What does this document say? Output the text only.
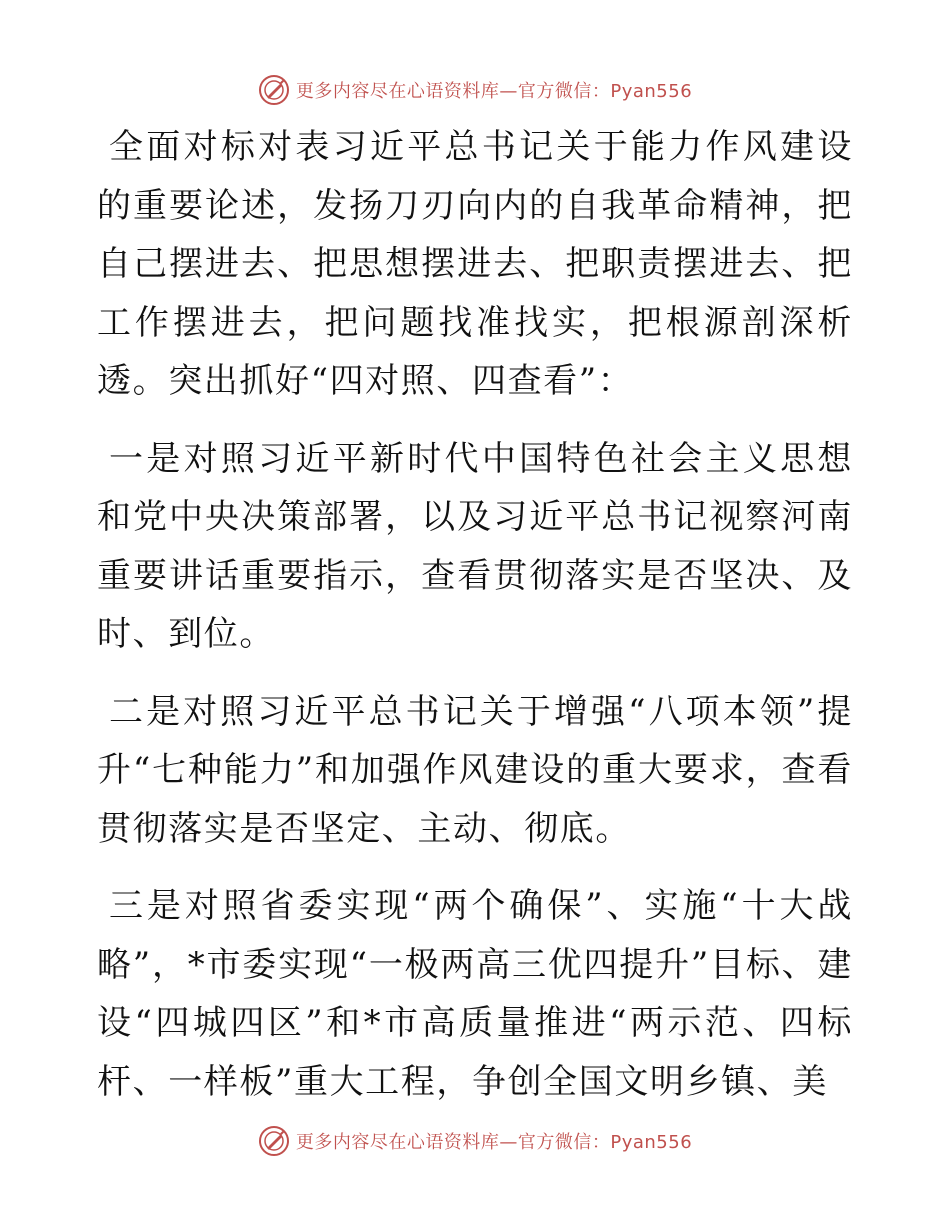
更多内容尽在心语资料库—官方微信：Pyan556

全面对标对表习近平总书记关于能力作风建设的重要论述，发扬刀刃向内的自我革命精神，把自己摆进去、把思想摆进去、把职责摆进去、把工作摆进去，把问题找准找实，把根源剖深析透。突出抓好“四对照、四查看”：

一是对照习近平新时代中国特色社会主义思想和党中央决策部署，以及习近平总书记视察河南重要讲话重要指示，查看贯彻落实是否坚决、及时、到位。

二是对照习近平总书记关于增强“八项本领”提升“七种能力”和加强作风建设的重大要求，查看贯彻落实是否坚定、主动、彻底。

三是对照省委实现“两个确保”、实施“十大战略”，*市委实现“一极两高三优四提升”目标、建设“四城四区”和*市高质量推进“两示范、四标杆、一样板”重大工程，争创全国文明乡镇、美

更多内容尽在心语资料库—官方微信：Pyan556
